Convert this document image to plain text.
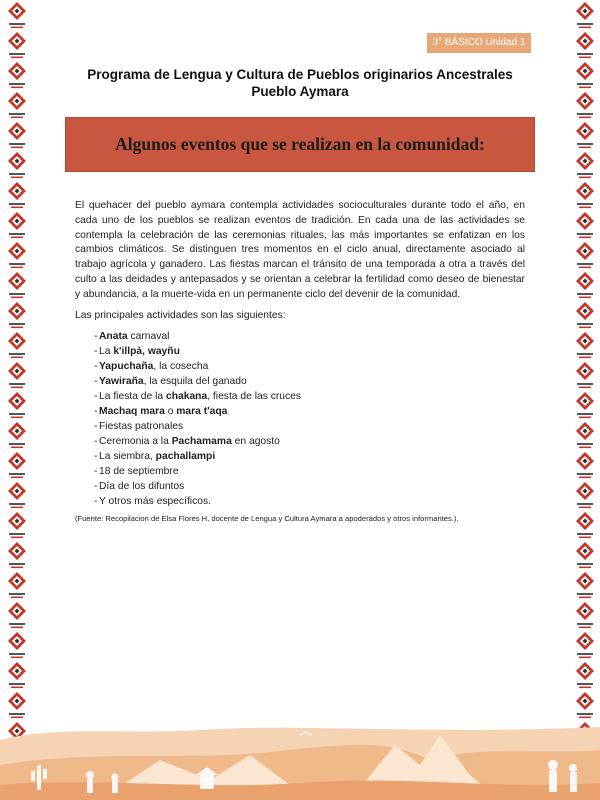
3° BÁSICO Unidad 1
Programa de Lengua y Cultura de Pueblos originarios Ancestrales
Pueblo Aymara
Algunos eventos que se realizan en la comunidad:

El quehacer del pueblo aymara contempla actividades socioculturales durante todo el año, en cada uno de los pueblos se realizan eventos de tradición. En cada una de las actividades se contempla la celebración de las ceremonias rituales, las más importantes se enfatizan en los cambios climáticos. Se distinguen tres momentos en el ciclo anual, directamente asociado al trabajo agrícola y ganadero. Las fiestas marcan el tránsito de una temporada a otra a través del culto a las deidades y antepasados y se orientan a celebrar la fertilidad como deseo de bienestar y abundancia, a la muerte-vida en un permanente ciclo del devenir de la comunidad.

Las principales actividades son las siguientes:

- Anata carnaval
- La k'illpà, wayñu
- Yapuchaña, la cosecha
- Yawiraña, la esquila del ganado
- La fiesta de la chakana, fiesta de las cruces
- Machaq mara o mara t'aqa
- Fiestas patronales
- Ceremonia a la Pachamama en agosto
- La siembra, pachallampi
- 18 de septiembre
- Día de los difuntos
- Y otros más específicos.
(Fuente: Recopilacion de Elsa Flores H, docente de Lengua y Cultura Aymara a apoderados y otros informantes.).
